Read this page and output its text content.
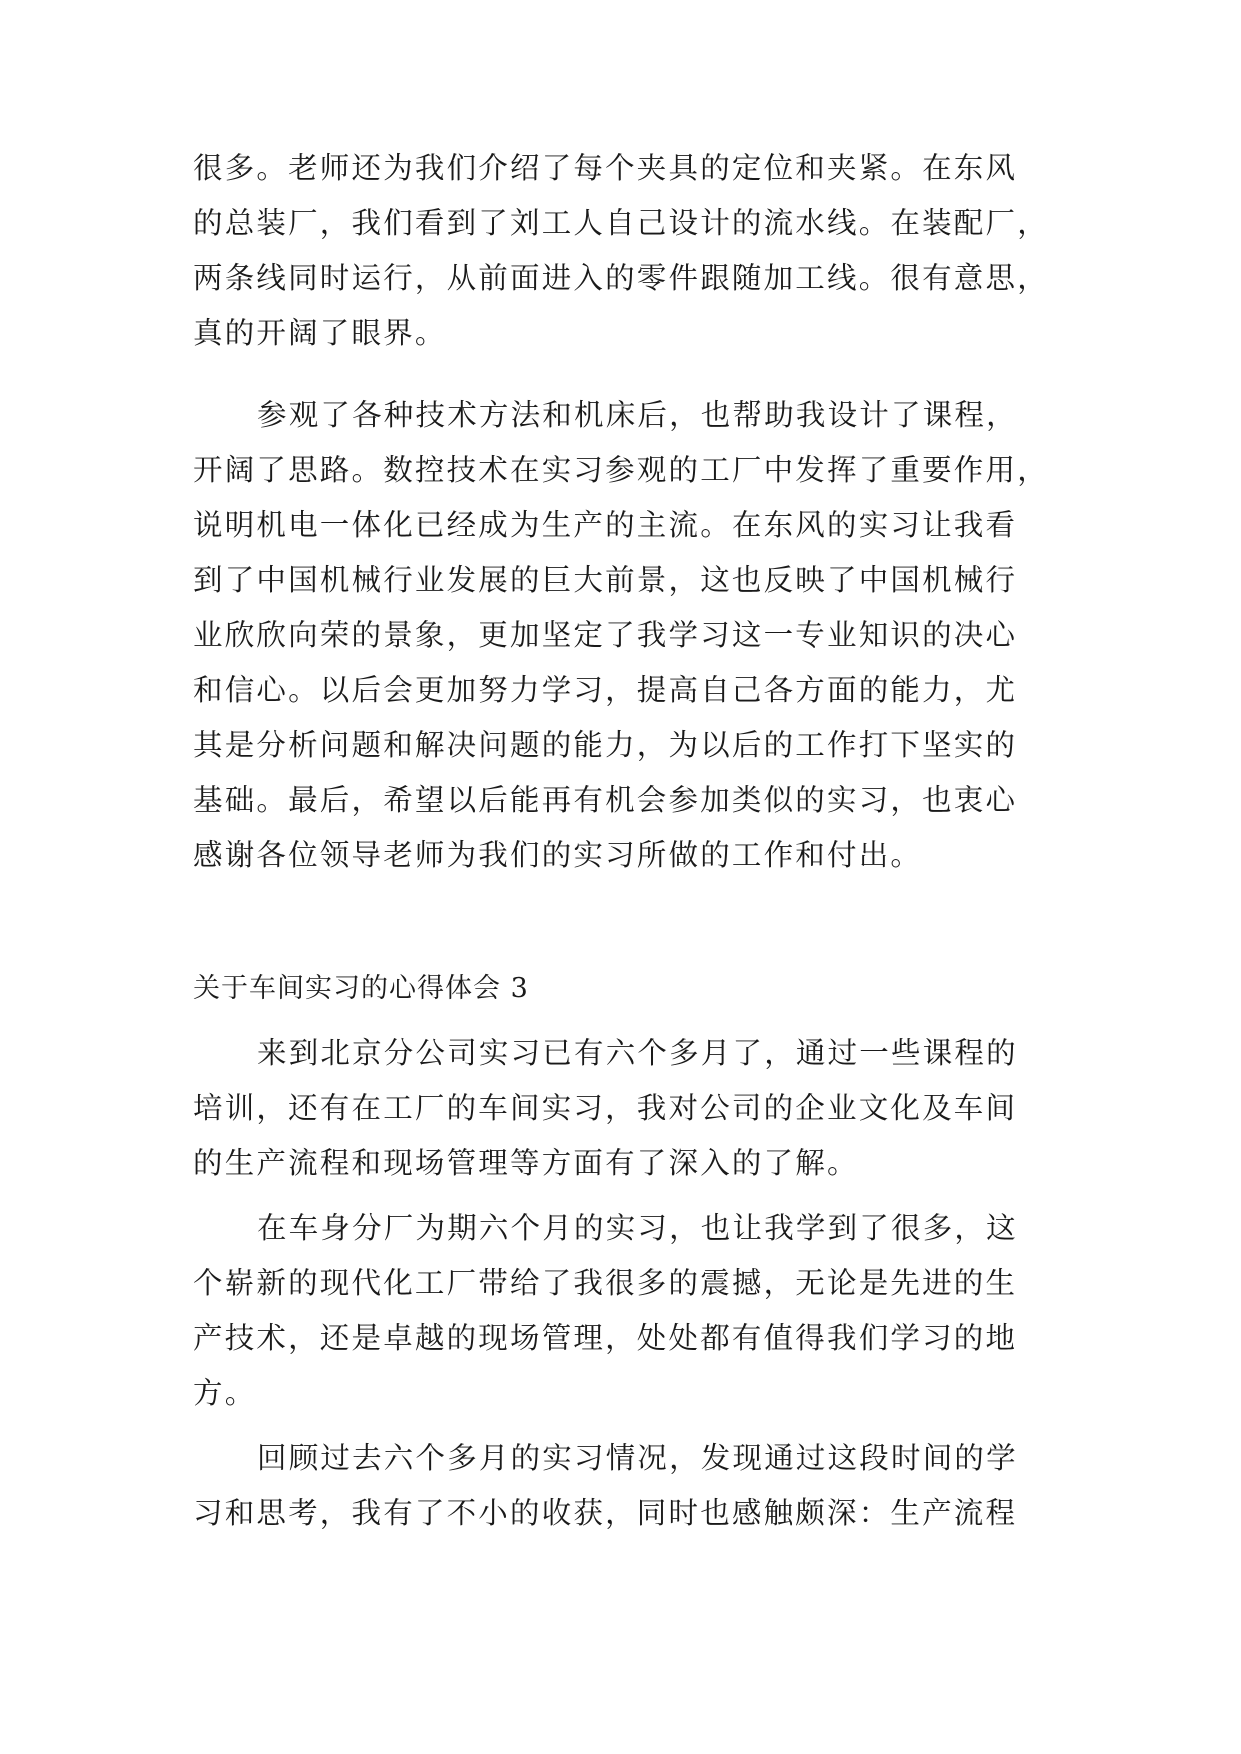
很多。老师还为我们介绍了每个夹具的定位和夹紧。在东风
的总装厂，我们看到了刘工人自己设计的流水线。在装配厂，
两条线同时运行，从前面进入的零件跟随加工线。很有意思，
真的开阔了眼界。
参观了各种技术方法和机床后，也帮助我设计了课程，
开阔了思路。数控技术在实习参观的工厂中发挥了重要作用，
说明机电一体化已经成为生产的主流。在东风的实习让我看
到了中国机械行业发展的巨大前景，这也反映了中国机械行
业欣欣向荣的景象，更加坚定了我学习这一专业知识的决心
和信心。以后会更加努力学习，提高自己各方面的能力，尤
其是分析问题和解决问题的能力，为以后的工作打下坚实的
基础。最后，希望以后能再有机会参加类似的实习，也衷心
感谢各位领导老师为我们的实习所做的工作和付出。
关于车间实习的心得体会 3
来到北京分公司实习已有六个多月了，通过一些课程的
培训，还有在工厂的车间实习，我对公司的企业文化及车间
的生产流程和现场管理等方面有了深入的了解。
在车身分厂为期六个月的实习，也让我学到了很多，这
个崭新的现代化工厂带给了我很多的震撼，无论是先进的生
产技术，还是卓越的现场管理，处处都有值得我们学习的地
方。
回顾过去六个多月的实习情况，发现通过这段时间的学
习和思考，我有了不小的收获，同时也感触颇深：生产流程
